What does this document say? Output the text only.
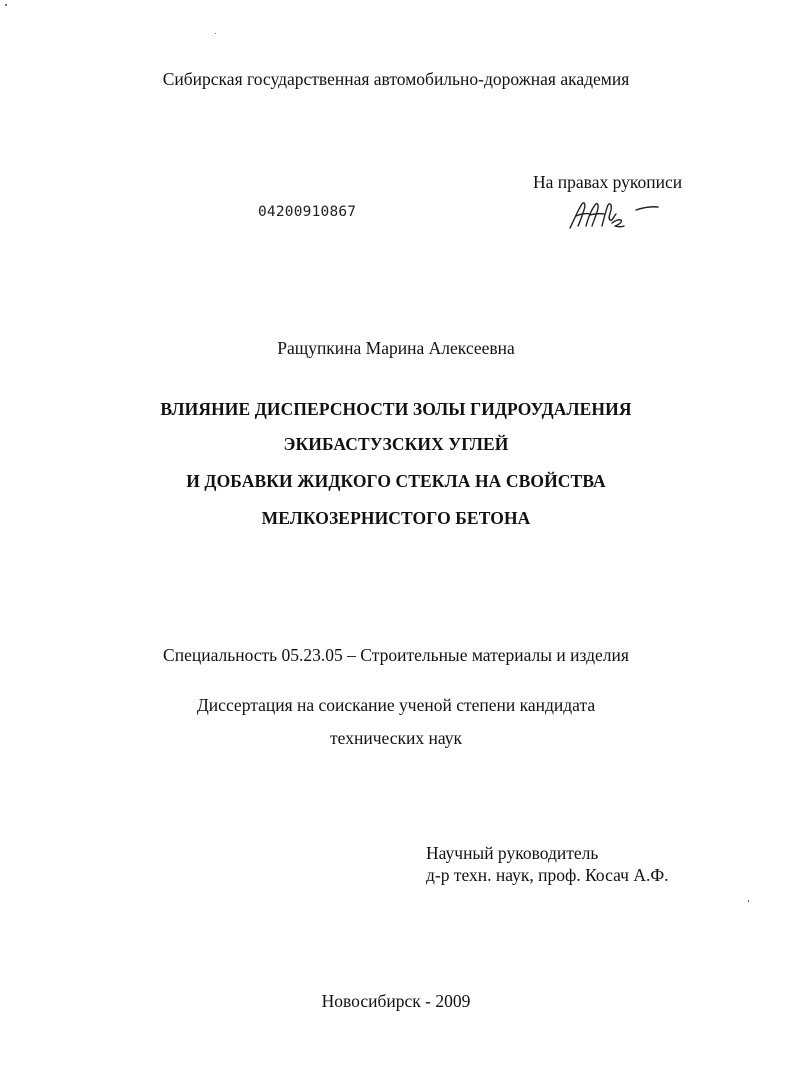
Сибирская государственная автомобильно-дорожная академия
На правах рукописи
04200910867
Ращупкина Марина Алексеевна
ВЛИЯНИЕ ДИСПЕРСНОСТИ ЗОЛЫ ГИДРОУДАЛЕНИЯ
ЭКИБАСТУЗСКИХ УГЛЕЙ
И ДОБАВКИ ЖИДКОГО СТЕКЛА НА СВОЙСТВА
МЕЛКОЗЕРНИСТОГО БЕТОНА
Специальность 05.23.05 – Строительные материалы и изделия
Диссертация на соискание ученой степени кандидата
технических наук
Научный руководитель
д-р техн. наук, проф. Косач А.Ф.
Новосибирск - 2009
